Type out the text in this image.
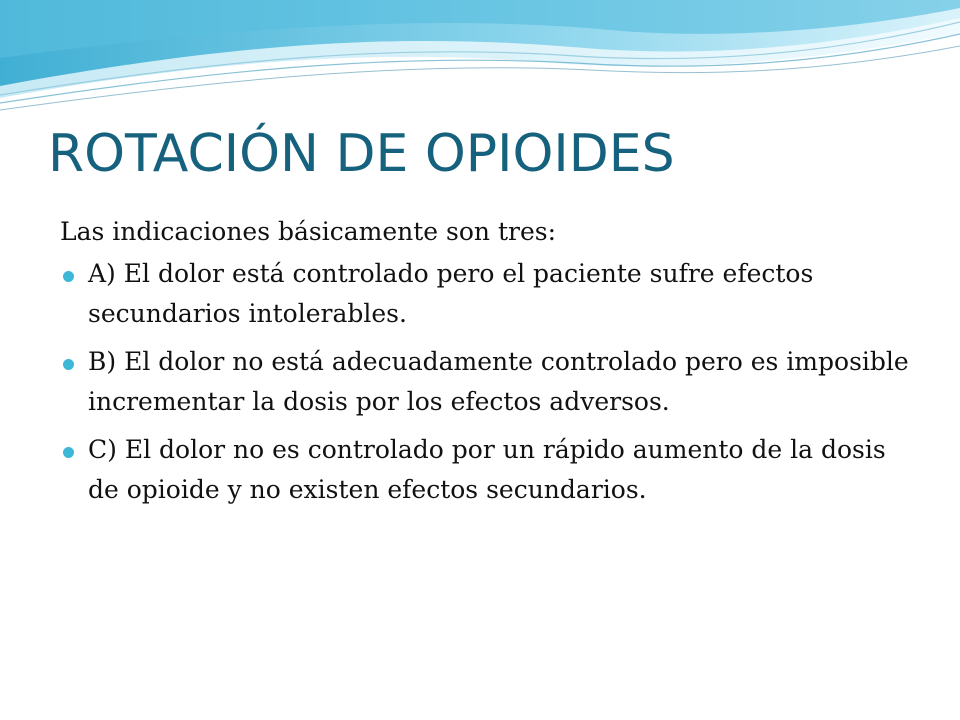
ROTACIÓN DE OPIOIDES

Las indicaciones básicamente son tres:

A) El dolor está controlado pero el paciente sufre efectos secundarios intolerables.
B) El dolor no está adecuadamente controlado pero es imposible incrementar la dosis por los efectos adversos.
C) El dolor no es controlado por un rápido aumento de la dosis de opioide y no existen efectos secundarios.
